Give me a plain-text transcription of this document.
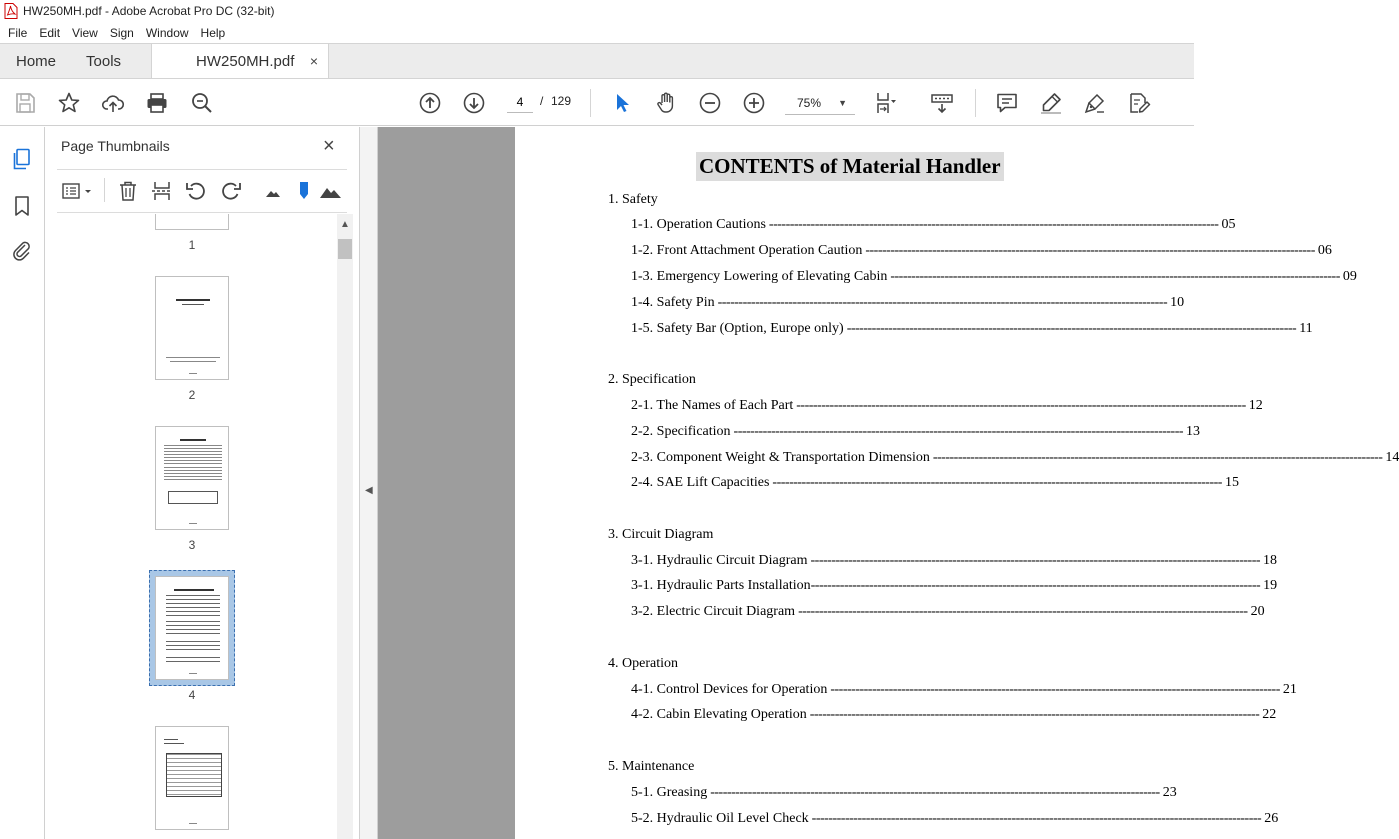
HW250MH.pdf - Adobe Acrobat Pro DC (32-bit)
File	Edit	View	Sign	Window	Help
Home	Tools	HW250MH.pdf ×
4
/ 129	75% ▼
Page Thumbnails	×
1
2
3
4
▲
◀
CONTENTS of Material Handler
1. Safety
1-1. Operation Cautions ------------------------------------------------------------------------------------------------------------ 05
1-2. Front Attachment Operation Caution ------------------------------------------------------------------------------------------------------------ 06
1-3. Emergency Lowering of Elevating Cabin ------------------------------------------------------------------------------------------------------------ 09
1-4. Safety Pin ------------------------------------------------------------------------------------------------------------ 10
1-5. Safety Bar (Option, Europe only) ------------------------------------------------------------------------------------------------------------ 11
2. Specification
2-1. The Names of Each Part ------------------------------------------------------------------------------------------------------------ 12
2-2. Specification ------------------------------------------------------------------------------------------------------------ 13
2-3. Component Weight & Transportation Dimension ------------------------------------------------------------------------------------------------------------ 14
2-4. SAE Lift Capacities ------------------------------------------------------------------------------------------------------------ 15
3. Circuit Diagram
3-1. Hydraulic Circuit Diagram ------------------------------------------------------------------------------------------------------------ 18
3-1. Hydraulic Parts Installation ------------------------------------------------------------------------------------------------------------ 19
3-2. Electric Circuit Diagram ------------------------------------------------------------------------------------------------------------ 20
4. Operation
4-1. Control Devices for Operation ------------------------------------------------------------------------------------------------------------ 21
4-2. Cabin Elevating Operation ------------------------------------------------------------------------------------------------------------ 22
5. Maintenance
5-1. Greasing ------------------------------------------------------------------------------------------------------------ 23
5-2. Hydraulic Oil Level Check ------------------------------------------------------------------------------------------------------------ 26
